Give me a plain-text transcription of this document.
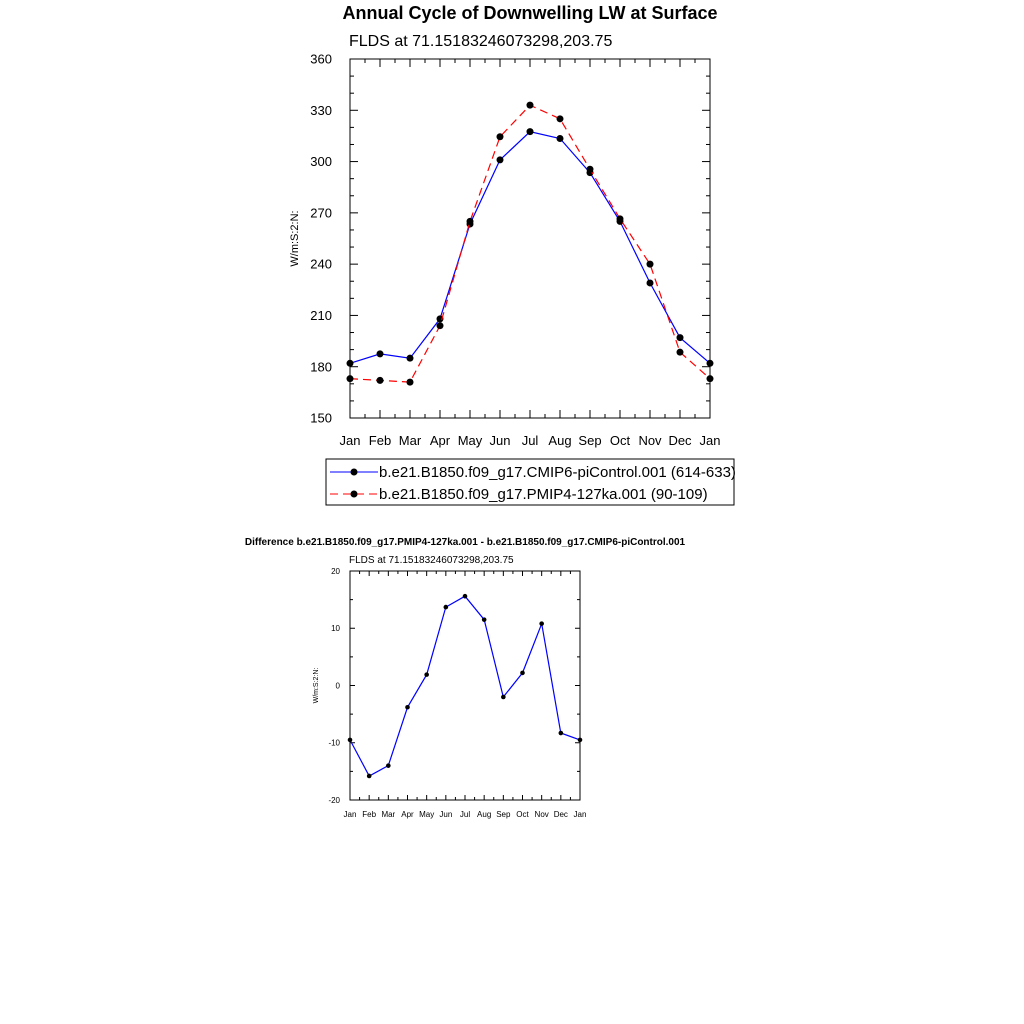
Annual Cycle of Downwelling LW at Surface
FLDS at 71.15183246073298,203.75
150
180
210
240
270
300
330
360
Jan Feb Mar Apr May Jun Jul Aug Sep Oct Nov Dec Jan
W/m:S:2:N:
b.e21.B1850.f09_g17.CMIP6-piControl.001 (614-633)
b.e21.B1850.f09_g17.PMIP4-127ka.001 (90-109)
Difference b.e21.B1850.f09_g17.PMIP4-127ka.001 - b.e21.B1850.f09_g17.CMIP6-piControl.001
FLDS at 71.15183246073298,203.75
-20
-10
0
10
20
Jan Feb Mar Apr May Jun Jul Aug Sep Oct Nov Dec Jan
W/m:S:2:N:
